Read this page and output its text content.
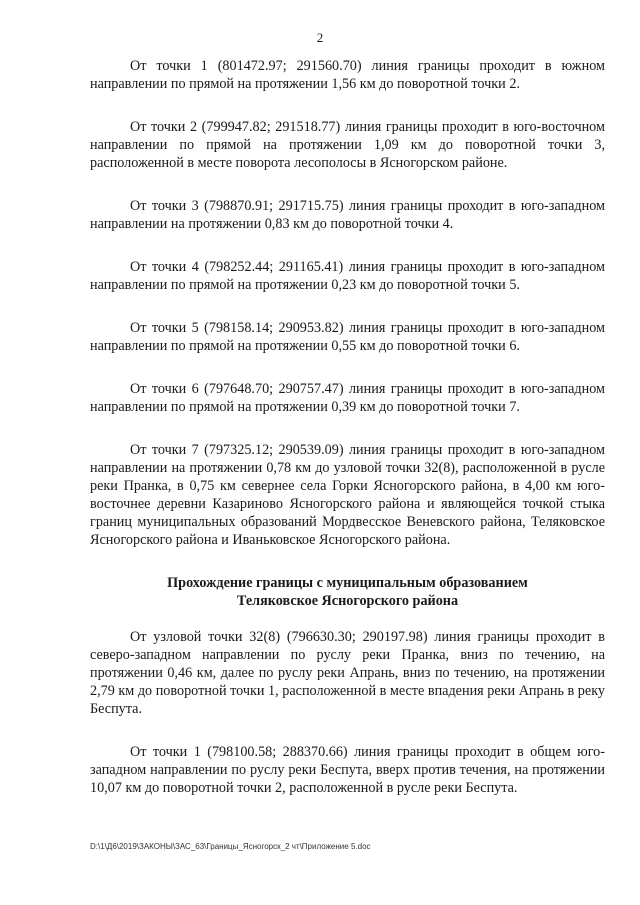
2

От точки 1 (801472.97; 291560.70) линия границы проходит в южном направлении по прямой на протяжении 1,56 км до поворотной точки 2.

От точки 2 (799947.82; 291518.77) линия границы проходит в юго-восточном направлении по прямой на протяжении 1,09 км до поворотной точки 3, расположенной в месте поворота лесополосы в Ясногорском районе.

От точки 3 (798870.91; 291715.75) линия границы проходит в юго-западном направлении на протяжении 0,83 км до поворотной точки 4.

От точки 4 (798252.44; 291165.41) линия границы проходит в юго-западном направлении по прямой на протяжении 0,23 км до поворотной точки 5.

От точки 5 (798158.14; 290953.82) линия границы проходит в юго-западном направлении по прямой на протяжении 0,55 км до поворотной точки 6.

От точки 6 (797648.70; 290757.47) линия границы проходит в юго-западном направлении по прямой на протяжении 0,39 км до поворотной точки 7.

От точки 7 (797325.12; 290539.09) линия границы проходит в юго-западном направлении на протяжении 0,78 км до узловой точки 32(8), расположенной в русле реки Пранка, в 0,75 км севернее села Горки Ясногорского района, в 4,00 км юго-восточнее деревни Казариново Ясногорского района и являющейся точкой стыка границ муниципальных образований Мордвесское Веневского района, Теляковское Ясногорского района и Иваньковское Ясногорского района.

Прохождение границы с муниципальным образованием
Теляковское Ясногорского района

От узловой точки 32(8) (796630.30; 290197.98) линия границы проходит в северо-западном направлении по руслу реки Пранка, вниз по течению, на протяжении 0,46 км, далее по руслу реки Апрань, вниз по течению, на протяжении 2,79 км до поворотной точки 1, расположенной в месте впадения реки Апрань в реку Беспута.

От точки 1 (798100.58; 288370.66) линия границы проходит в общем юго-западном направлении по руслу реки Беспута, вверх против течения, на протяжении 10,07 км до поворотной точки 2, расположенной в русле реки Беспута.

D:\1\Д6\2019\ЗАКОНЫ\ЗАС_63\Границы_Ясногорск_2 чт\Приложение 5.doc
